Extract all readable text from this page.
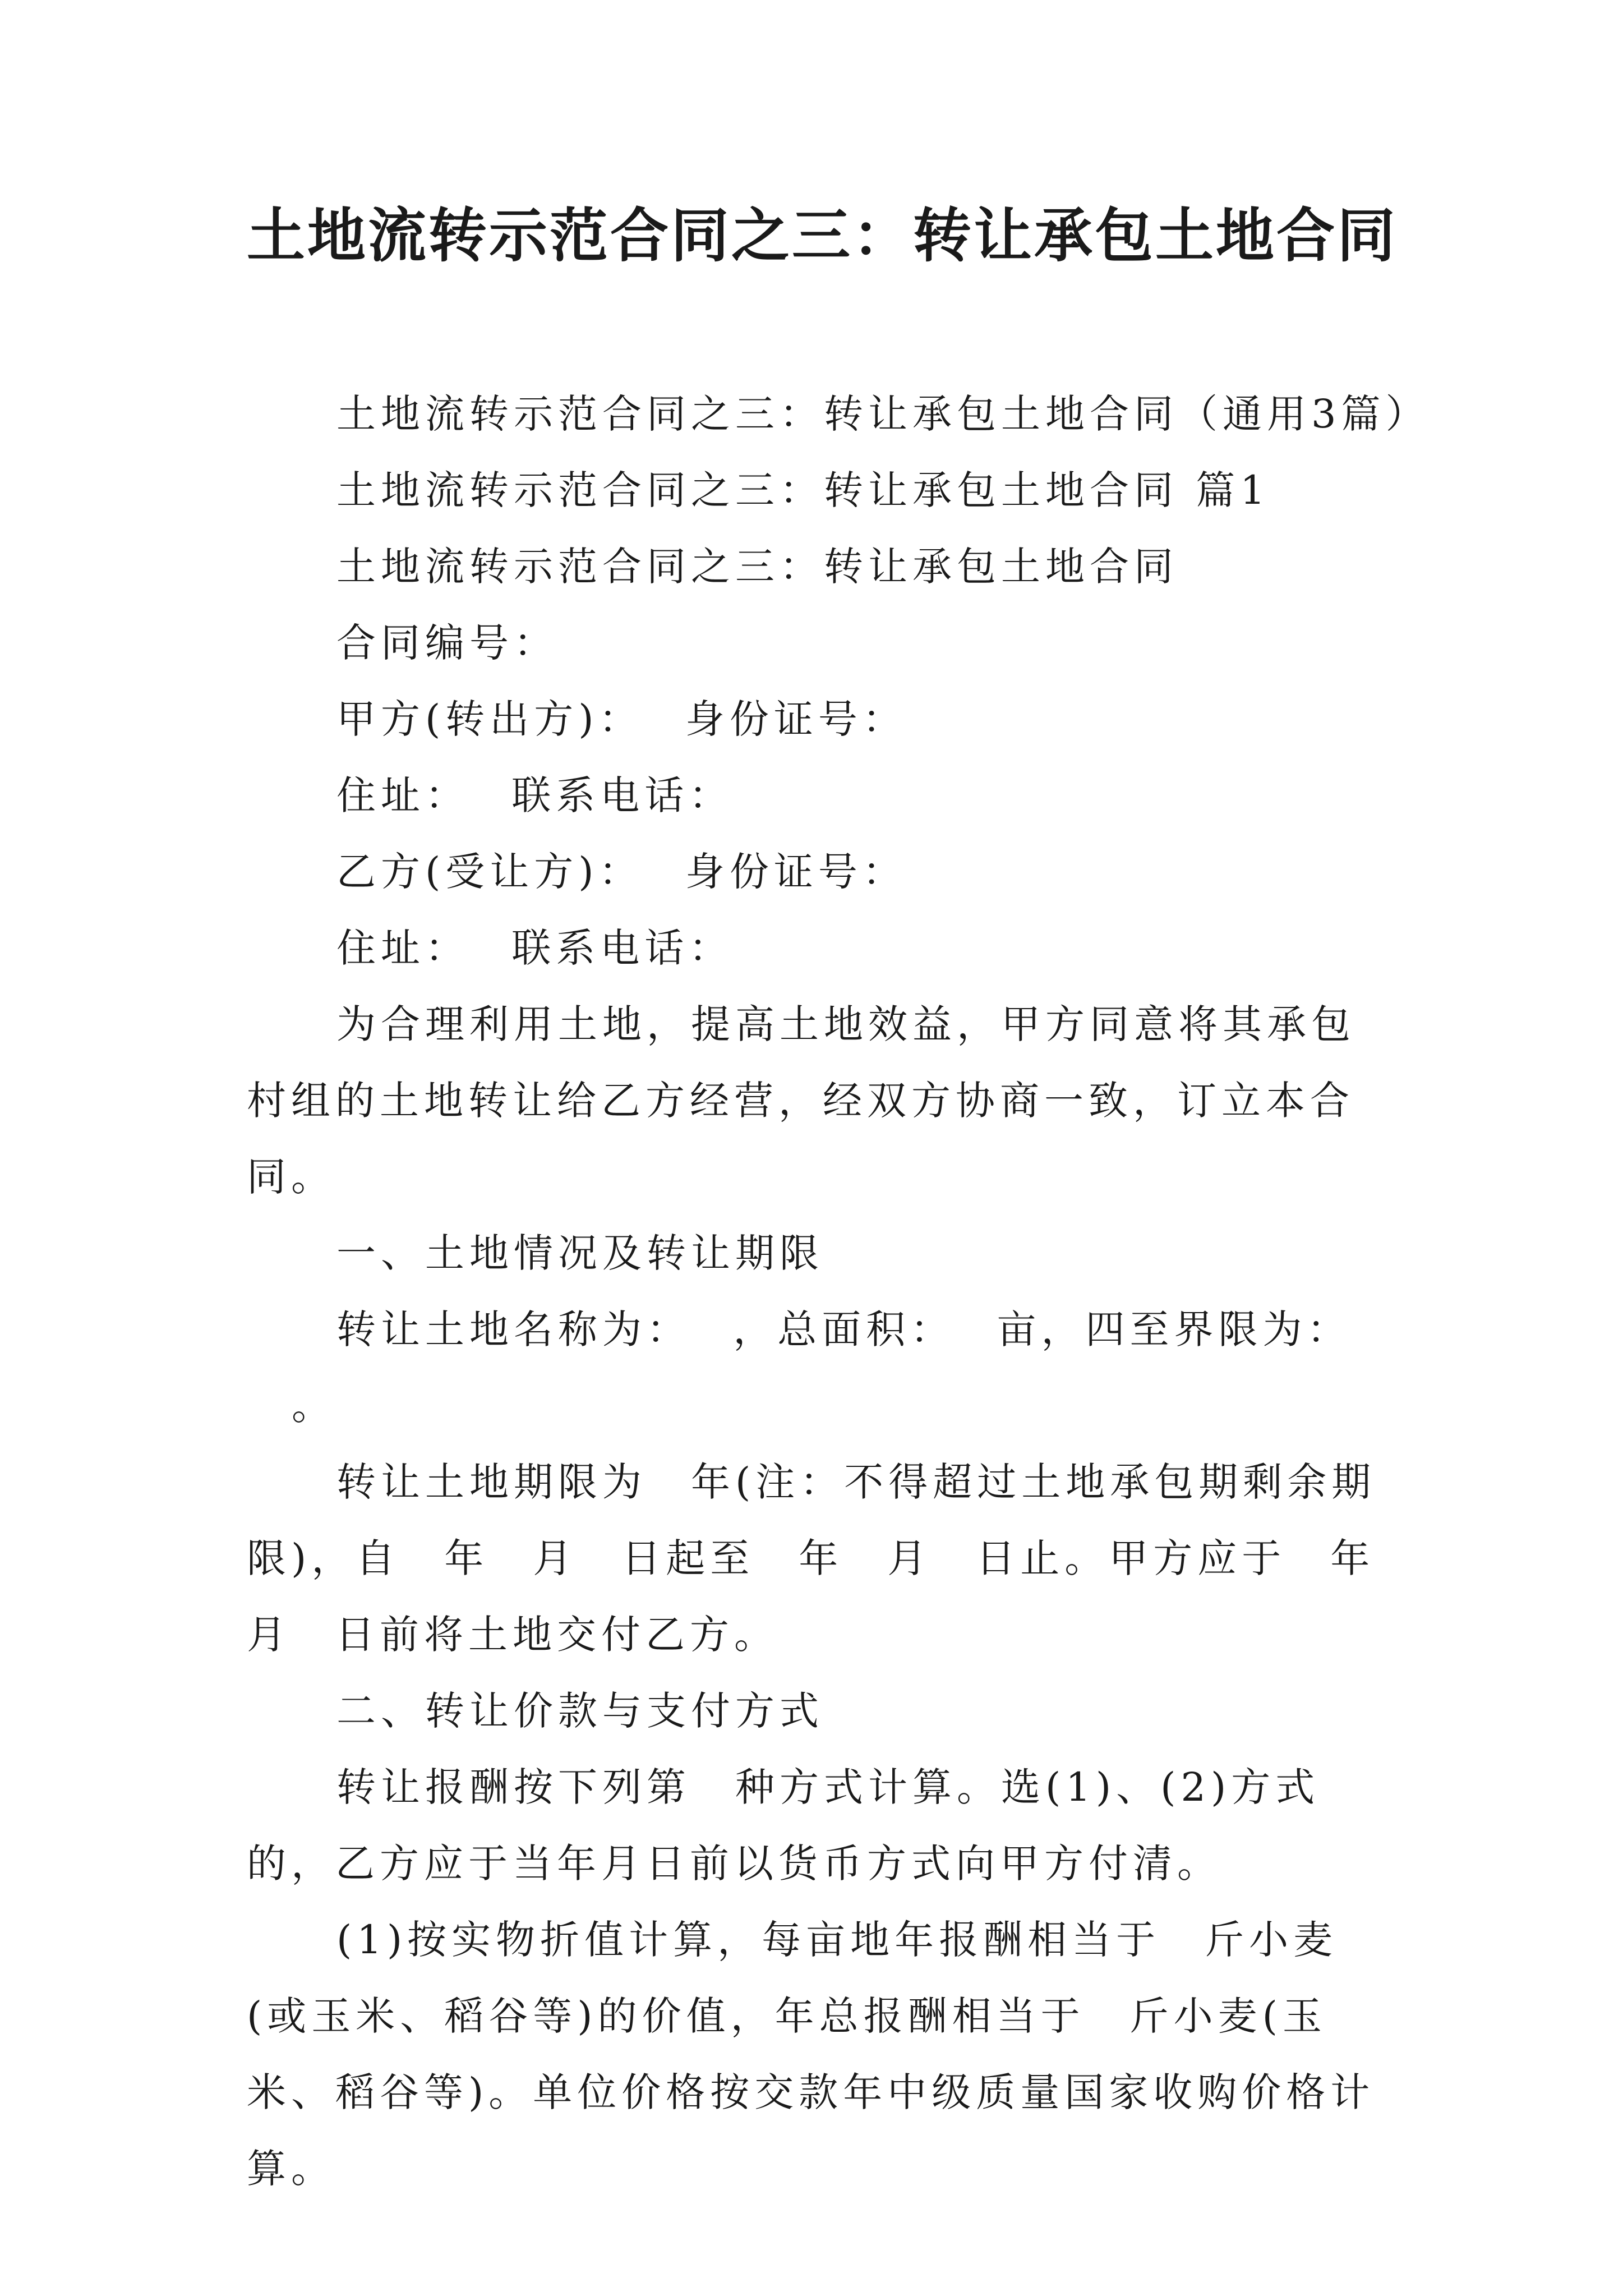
土地流转示范合同之三：转让承包土地合同

土地流转示范合同之三：转让承包土地合同（通用3篇）

土地流转示范合同之三：转让承包土地合同 篇1

土地流转示范合同之三：转让承包土地合同

合同编号：

甲方(转出方)：　 身份证号：

住址：　 联系电话：

乙方(受让方)：　 身份证号：

住址：　 联系电话：

为合理利用土地，提高土地效益，甲方同意将其承包村组的土地转让给乙方经营，经双方协商一致，订立本合同。

一、土地情况及转让期限

转让土地名称为：　 ，总面积：　 亩，四至界限为：

。

转让土地期限为　年(注：不得超过土地承包期剩余期限)，自　年　月　日起至　年　月　日止。甲方应于　年　月　日前将土地交付乙方。

二、转让价款与支付方式

转让报酬按下列第　种方式计算。选(1)、(2)方式的，乙方应于当年月日前以货币方式向甲方付清。

(1)按实物折值计算，每亩地年报酬相当于　斤小麦(或玉米、稻谷等)的价值，年总报酬相当于　斤小麦(玉米、稻谷等)。单位价格按交款年中级质量国家收购价格计算。
